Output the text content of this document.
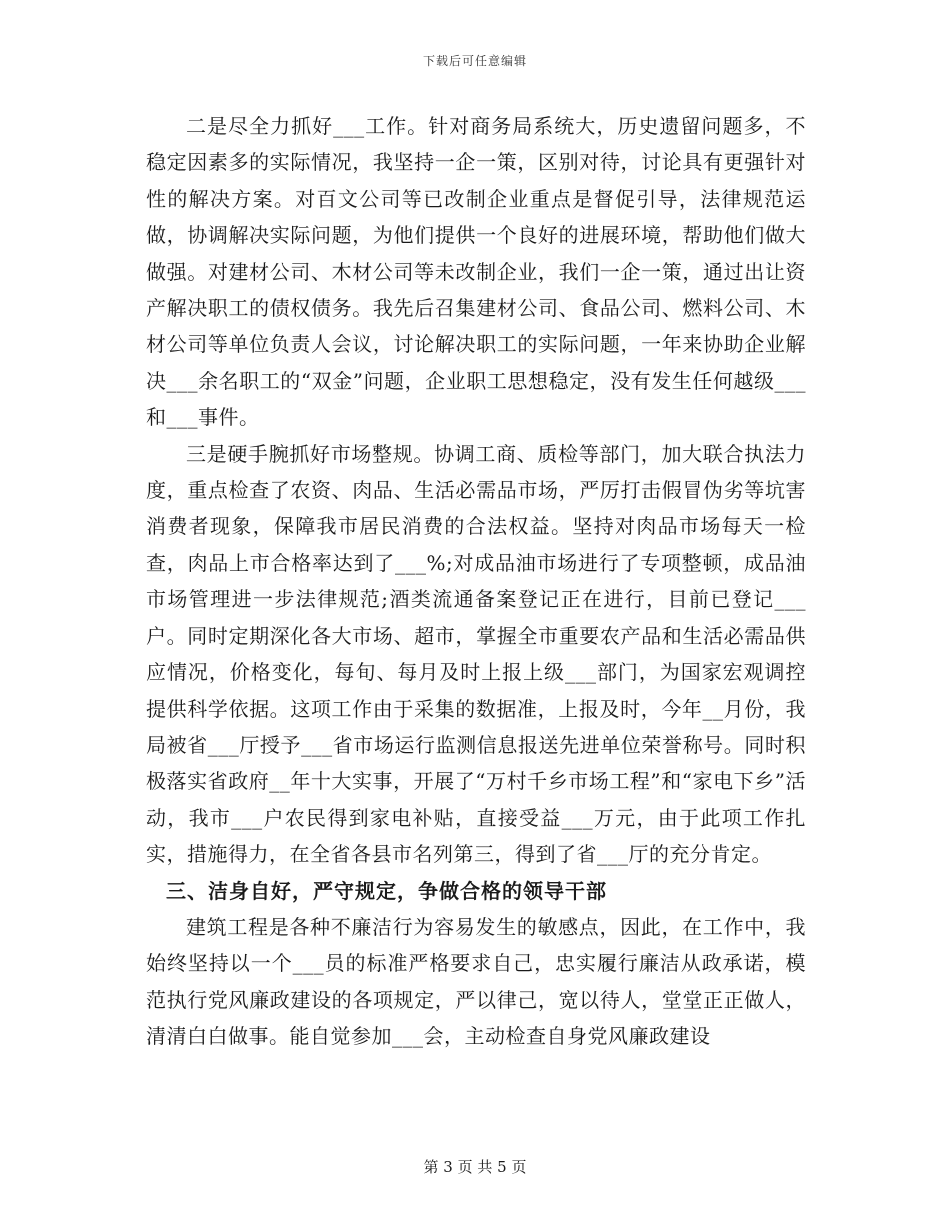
下载后可任意编辑

二是尽全力抓好___工作。针对商务局系统大，历史遗留问题多，不稳定因素多的实际情况，我坚持一企一策，区别对待，讨论具有更强针对性的解决方案。对百文公司等已改制企业重点是督促引导，法律规范运做，协调解决实际问题，为他们提供一个良好的进展环境，帮助他们做大做强。对建材公司、木材公司等未改制企业，我们一企一策，通过出让资产解决职工的债权债务。我先后召集建材公司、食品公司、燃料公司、木材公司等单位负责人会议，讨论解决职工的实际问题，一年来协助企业解决___余名职工的“双金”问题，企业职工思想稳定，没有发生任何越级___和___事件。

三是硬手腕抓好市场整规。协调工商、质检等部门，加大联合执法力度，重点检查了农资、肉品、生活必需品市场，严厉打击假冒伪劣等坑害消费者现象，保障我市居民消费的合法权益。坚持对肉品市场每天一检查，肉品上市合格率达到了___%;对成品油市场进行了专项整顿，成品油市场管理进一步法律规范;酒类流通备案登记正在进行，目前已登记___户。同时定期深化各大市场、超市，掌握全市重要农产品和生活必需品供应情况，价格变化，每旬、每月及时上报上级___部门，为国家宏观调控提供科学依据。这项工作由于采集的数据准，上报及时，今年__月份，我局被省___厅授予___省市场运行监测信息报送先进单位荣誉称号。同时积极落实省政府__年十大实事，开展了“万村千乡市场工程”和“家电下乡”活动，我市___户农民得到家电补贴，直接受益___万元，由于此项工作扎实，措施得力，在全省各县市名列第三，得到了省___厅的充分肯定。

三、洁身自好，严守规定，争做合格的领导干部

建筑工程是各种不廉洁行为容易发生的敏感点，因此，在工作中，我始终坚持以一个___员的标准严格要求自己，忠实履行廉洁从政承诺，模范执行党风廉政建设的各项规定，严以律己，宽以待人，堂堂正正做人，清清白白做事。能自觉参加___会，主动检查自身党风廉政建设

第 3 页 共 5 页
